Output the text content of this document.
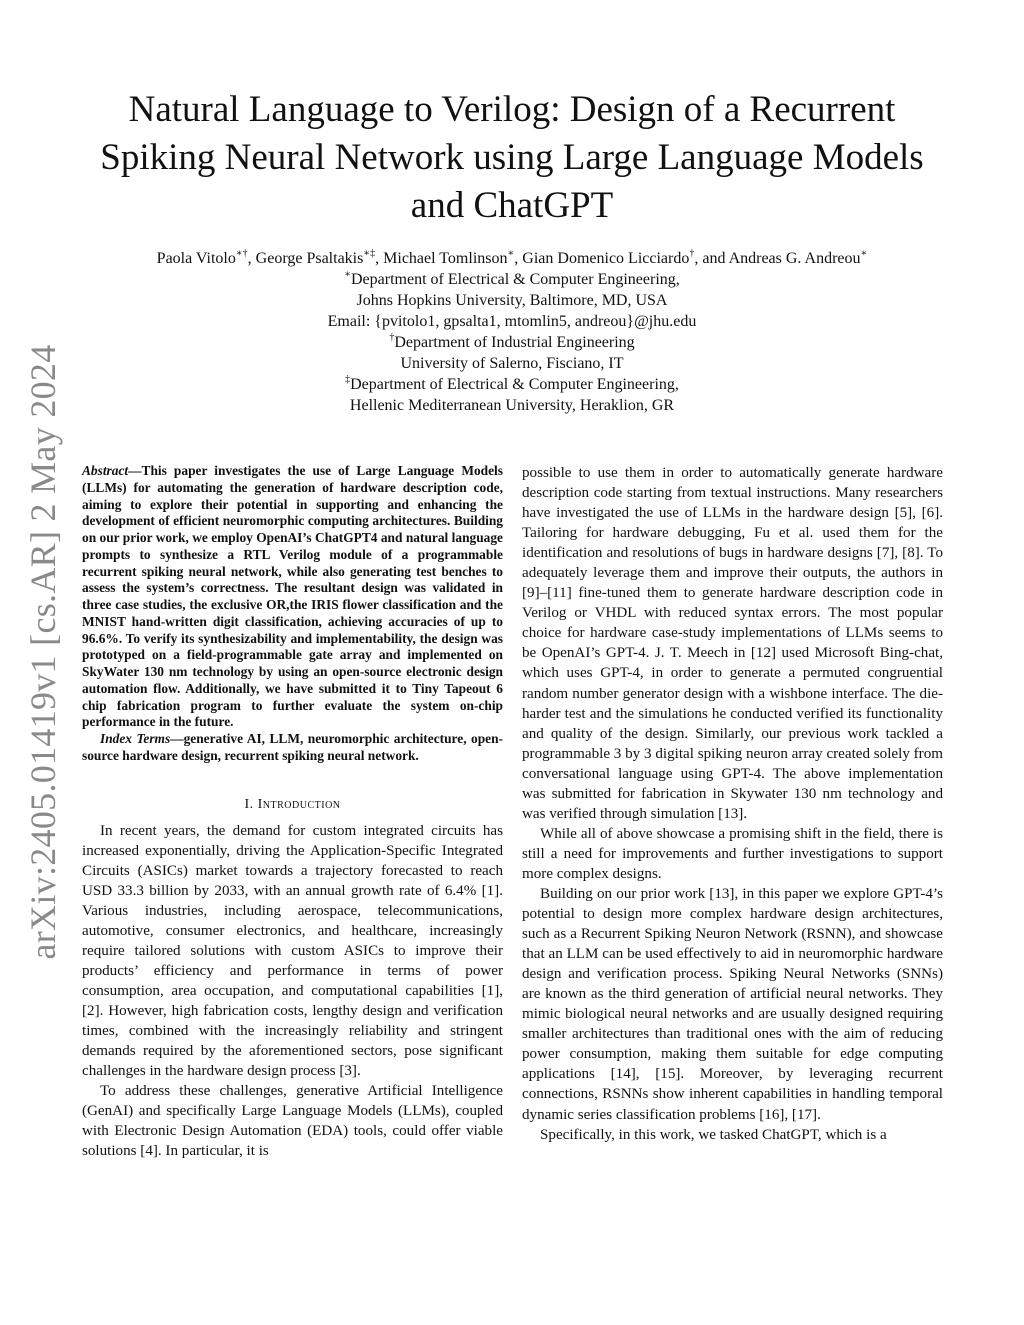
arXiv:2405.01419v1 [cs.AR] 2 May 2024
Natural Language to Verilog: Design of a Recurrent Spiking Neural Network using Large Language Models and ChatGPT
Paola Vitolo∗†, George Psaltakis∗‡, Michael Tomlinson∗, Gian Domenico Licciardo†, and Andreas G. Andreou∗
∗Department of Electrical & Computer Engineering,
Johns Hopkins University, Baltimore, MD, USA
Email: {pvitolo1, gpsalta1, mtomlin5, andreou}@jhu.edu
†Department of Industrial Engineering
University of Salerno, Fisciano, IT
‡Department of Electrical & Computer Engineering,
Hellenic Mediterranean University, Heraklion, GR

Abstract—This paper investigates the use of Large Language Models (LLMs) for automating the generation of hardware description code, aiming to explore their potential in supporting and enhancing the development of efficient neuromorphic computing architectures. Building on our prior work, we employ OpenAI’s ChatGPT4 and natural language prompts to synthesize a RTL Verilog module of a programmable recurrent spiking neural network, while also generating test benches to assess the system’s correctness. The resultant design was validated in three case studies, the exclusive OR,the IRIS flower classification and the MNIST hand-written digit classification, achieving accuracies of up to 96.6%. To verify its synthesizability and implementability, the design was prototyped on a field-programmable gate array and implemented on SkyWater 130 nm technology by using an open-source electronic design automation flow. Additionally, we have submitted it to Tiny Tapeout 6 chip fabrication program to further evaluate the system on-chip performance in the future.

Index Terms—generative AI, LLM, neuromorphic architecture, open-source hardware design, recurrent spiking neural network.

I. Introduction

In recent years, the demand for custom integrated circuits has increased exponentially, driving the Application-Specific Integrated Circuits (ASICs) market towards a trajectory forecasted to reach USD 33.3 billion by 2033, with an annual growth rate of 6.4% [1]. Various industries, including aerospace, telecommunications, automotive, consumer electronics, and healthcare, increasingly require tailored solutions with custom ASICs to improve their products’ efficiency and performance in terms of power consumption, area occupation, and computational capabilities [1], [2]. However, high fabrication costs, lengthy design and verification times, combined with the increasingly reliability and stringent demands required by the aforementioned sectors, pose significant challenges in the hardware design process [3].

To address these challenges, generative Artificial Intelligence (GenAI) and specifically Large Language Models (LLMs), coupled with Electronic Design Automation (EDA) tools, could offer viable solutions [4]. In particular, it is

possible to use them in order to automatically generate hardware description code starting from textual instructions. Many researchers have investigated the use of LLMs in the hardware design [5], [6]. Tailoring for hardware debugging, Fu et al. used them for the identification and resolutions of bugs in hardware designs [7], [8]. To adequately leverage them and improve their outputs, the authors in [9]–[11] fine-tuned them to generate hardware description code in Verilog or VHDL with reduced syntax errors. The most popular choice for hardware case-study implementations of LLMs seems to be OpenAI’s GPT-4. J. T. Meech in [12] used Microsoft Bing-chat, which uses GPT-4, in order to generate a permuted congruential random number generator design with a wishbone interface. The die-harder test and the simulations he conducted verified its functionality and quality of the design. Similarly, our previous work tackled a programmable 3 by 3 digital spiking neuron array created solely from conversational language using GPT-4. The above implementation was submitted for fabrication in Skywater 130 nm technology and was verified through simulation [13].

While all of above showcase a promising shift in the field, there is still a need for improvements and further investigations to support more complex designs.

Building on our prior work [13], in this paper we explore GPT-4’s potential to design more complex hardware design architectures, such as a Recurrent Spiking Neuron Network (RSNN), and showcase that an LLM can be used effectively to aid in neuromorphic hardware design and verification process. Spiking Neural Networks (SNNs) are known as the third generation of artificial neural networks. They mimic biological neural networks and are usually designed requiring smaller architectures than traditional ones with the aim of reducing power consumption, making them suitable for edge computing applications [14], [15]. Moreover, by leveraging recurrent connections, RSNNs show inherent capabilities in handling temporal dynamic series classification problems [16], [17].

Specifically, in this work, we tasked ChatGPT, which is a
